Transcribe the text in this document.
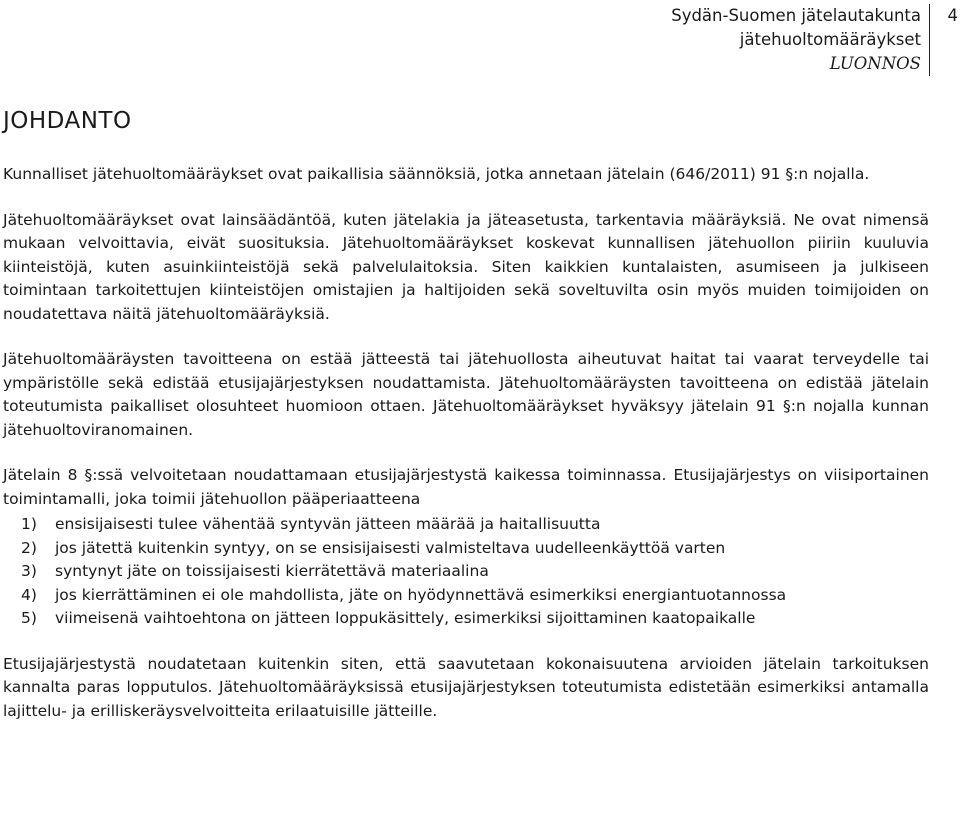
Sydän-Suomen jätelautakunta
jätehuoltomääräykset
LUONNOS
4
JOHDANTO

Kunnalliset jätehuoltomääräykset ovat paikallisia säännöksiä, jotka annetaan jätelain (646/2011) 91 §:n nojalla.

Jätehuoltomääräykset ovat lainsäädäntöä, kuten jätelakia ja jäteasetusta, tarkentavia määräyksiä. Ne ovat nimensä mukaan velvoittavia, eivät suosituksia. Jätehuoltomääräykset koskevat kunnallisen jätehuollon piiriin kuuluvia kiinteistöjä, kuten asuinkiinteistöjä sekä palvelulaitoksia. Siten kaikkien kuntalaisten, asumiseen ja julkiseen toimintaan tarkoitettujen kiinteistöjen omistajien ja haltijoiden sekä soveltuvilta osin myös muiden toimijoiden on noudatettava näitä jätehuoltomääräyksiä.

Jätehuoltomääräysten tavoitteena on estää jätteestä tai jätehuollosta aiheutuvat haitat tai vaarat terveydelle tai ympäristölle sekä edistää etusijajärjestyksen noudattamista. Jätehuoltomääräysten tavoitteena on edistää jätelain toteutumista paikalliset olosuhteet huomioon ottaen. Jätehuoltomääräykset hyväksyy jätelain 91 §:n nojalla kunnan jätehuoltoviranomainen.

Jätelain 8 §:ssä velvoitetaan noudattamaan etusijajärjestystä kaikessa toiminnassa. Etusijajärjestys on viisiportainen toimintamalli, joka toimii jätehuollon pääperiaatteena

1)	ensisijaisesti tulee vähentää syntyvän jätteen määrää ja haitallisuutta
2)	jos jätettä kuitenkin syntyy, on se ensisijaisesti valmisteltava uudelleenkäyttöä varten
3)	syntynyt jäte on toissijaisesti kierrätettävä materiaalina
4)	jos kierrättäminen ei ole mahdollista, jäte on hyödynnettävä esimerkiksi energiantuotannossa
5)	viimeisenä vaihtoehtona on jätteen loppukäsittely, esimerkiksi sijoittaminen kaatopaikalle

Etusijajärjestystä noudatetaan kuitenkin siten, että saavutetaan kokonaisuutena arvioiden jätelain tarkoituksen kannalta paras lopputulos. Jätehuoltomääräyksissä etusijajärjestyksen toteutumista edistetään esimerkiksi antamalla lajittelu- ja erilliskeräysvelvoitteita erilaatuisille jätteille.
